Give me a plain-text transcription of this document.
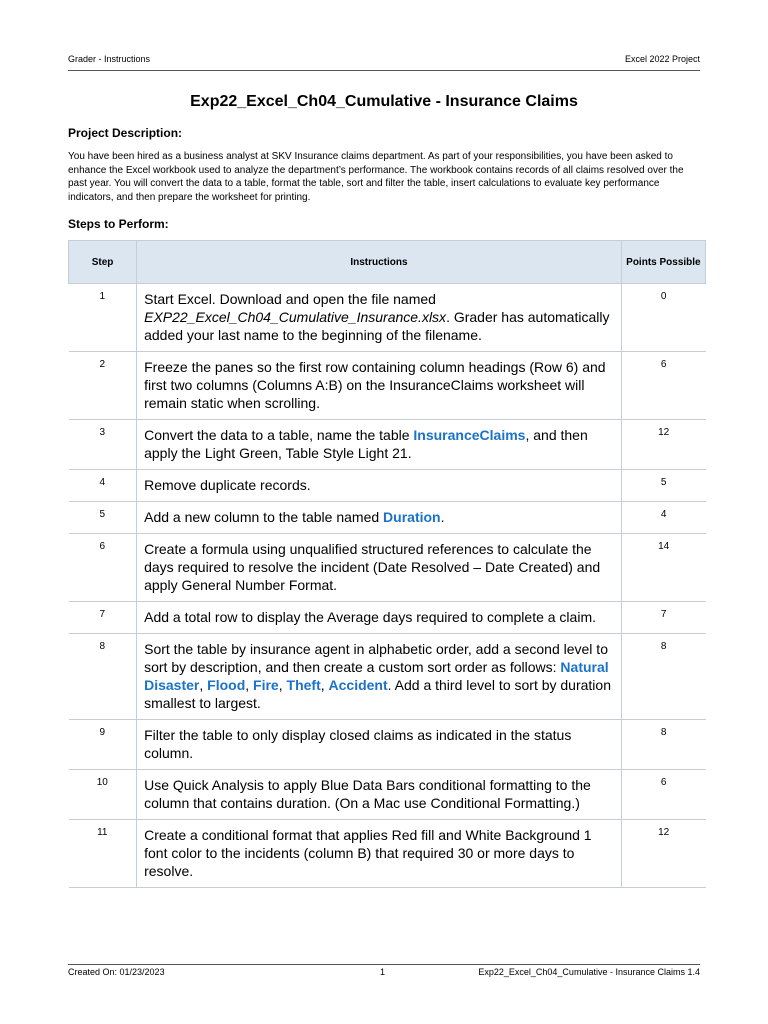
Grader - Instructions	Excel 2022 Project
Exp22_Excel_Ch04_Cumulative - Insurance Claims
Project Description:
You have been hired as a business analyst at SKV Insurance claims department. As part of your responsibilities, you have been asked to enhance the Excel workbook used to analyze the department’s performance. The workbook contains records of all claims resolved over the past year. You will convert the data to a table, format the table, sort and filter the table, insert calculations to evaluate key performance indicators, and then prepare the worksheet for printing.
Steps to Perform:
Step	Instructions	Points Possible
1	Start Excel. Download and open the file named EXP22_Excel_Ch04_Cumulative_Insurance.xlsx. Grader has automatically added your last name to the beginning of the filename.	0
2	Freeze the panes so the first row containing column headings (Row 6) and first two columns (Columns A:B) on the InsuranceClaims worksheet will remain static when scrolling.	6
3	Convert the data to a table, name the table InsuranceClaims, and then apply the Light Green, Table Style Light 21.	12
4	Remove duplicate records.	5
5	Add a new column to the table named Duration.	4
6	Create a formula using unqualified structured references to calculate the days required to resolve the incident (Date Resolved – Date Created) and apply General Number Format.	14
7	Add a total row to display the Average days required to complete a claim.	7
8	Sort the table by insurance agent in alphabetic order, add a second level to sort by description, and then create a custom sort order as follows: Natural Disaster, Flood, Fire, Theft, Accident. Add a third level to sort by duration smallest to largest.	8
9	Filter the table to only display closed claims as indicated in the status column.	8
10	Use Quick Analysis to apply Blue Data Bars conditional formatting to the column that contains duration. (On a Mac use Conditional Formatting.)	6
11	Create a conditional format that applies Red fill and White Background 1 font color to the incidents (column B) that required 30 or more days to resolve.	12
Created On: 01/23/2023	1	Exp22_Excel_Ch04_Cumulative - Insurance Claims 1.4
